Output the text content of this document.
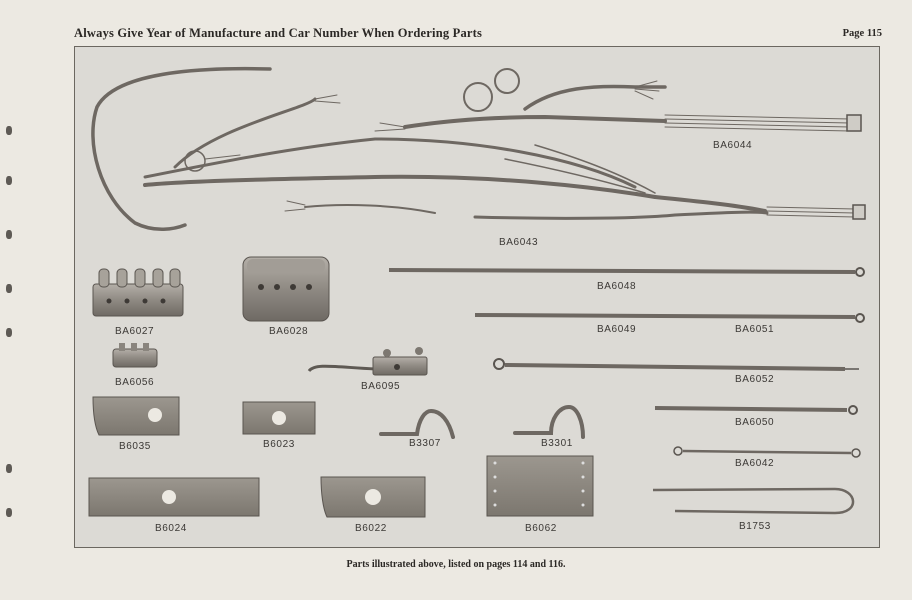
Always Give Year of Manufacture and Car Number When Ordering Parts	Page 115
BA6044
BA6043
BA6048
BA6049	BA6051
BA6052
BA6050
BA6042
B1753
BA6027	BA6028
BA6056	BA6095
B6035	B6023	B3307	B3301
B6024	B6022	B6062
Parts illustrated above, listed on pages 114 and 116.
